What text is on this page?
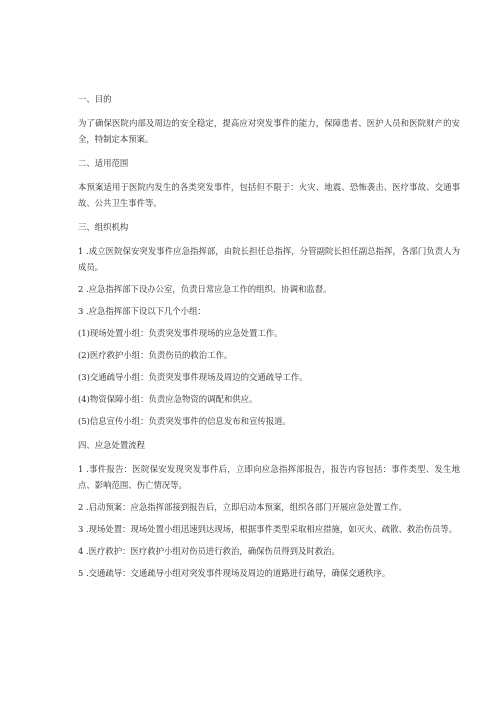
一、目的

为了确保医院内部及周边的安全稳定，提高应对突发事件的能力，保障患者、医护人员和医院财产的安全，特制定本预案。

二、适用范围

本预案适用于医院内发生的各类突发事件，包括但不限于：火灾、地震、恐怖袭击、医疗事故、交通事故、公共卫生事件等。

三、组织机构

1 .成立医院保安突发事件应急指挥部，由院长担任总指挥，分管副院长担任副总指挥，各部门负责人为成员。

2 .应急指挥部下设办公室，负责日常应急工作的组织、协调和监督。

3 .应急指挥部下设以下几个小组：

(1)现场处置小组：负责突发事件现场的应急处置工作。

(2)医疗救护小组：负责伤员的救治工作。

(3)交通疏导小组：负责突发事件现场及周边的交通疏导工作。

(4)物资保障小组：负责应急物资的调配和供应。

(5)信息宣传小组：负责突发事件的信息发布和宣传报道。

四、应急处置流程

1 .事件报告：医院保安发现突发事件后，立即向应急指挥部报告，报告内容包括：事件类型、发生地点、影响范围、伤亡情况等。

2 .启动预案：应急指挥部接到报告后，立即启动本预案，组织各部门开展应急处置工作。

3 .现场处置：现场处置小组迅速到达现场，根据事件类型采取相应措施，如灭火、疏散、救治伤员等。

4 .医疗救护：医疗救护小组对伤员进行救治，确保伤员得到及时救治。

5 .交通疏导：交通疏导小组对突发事件现场及周边的道路进行疏导，确保交通秩序。
